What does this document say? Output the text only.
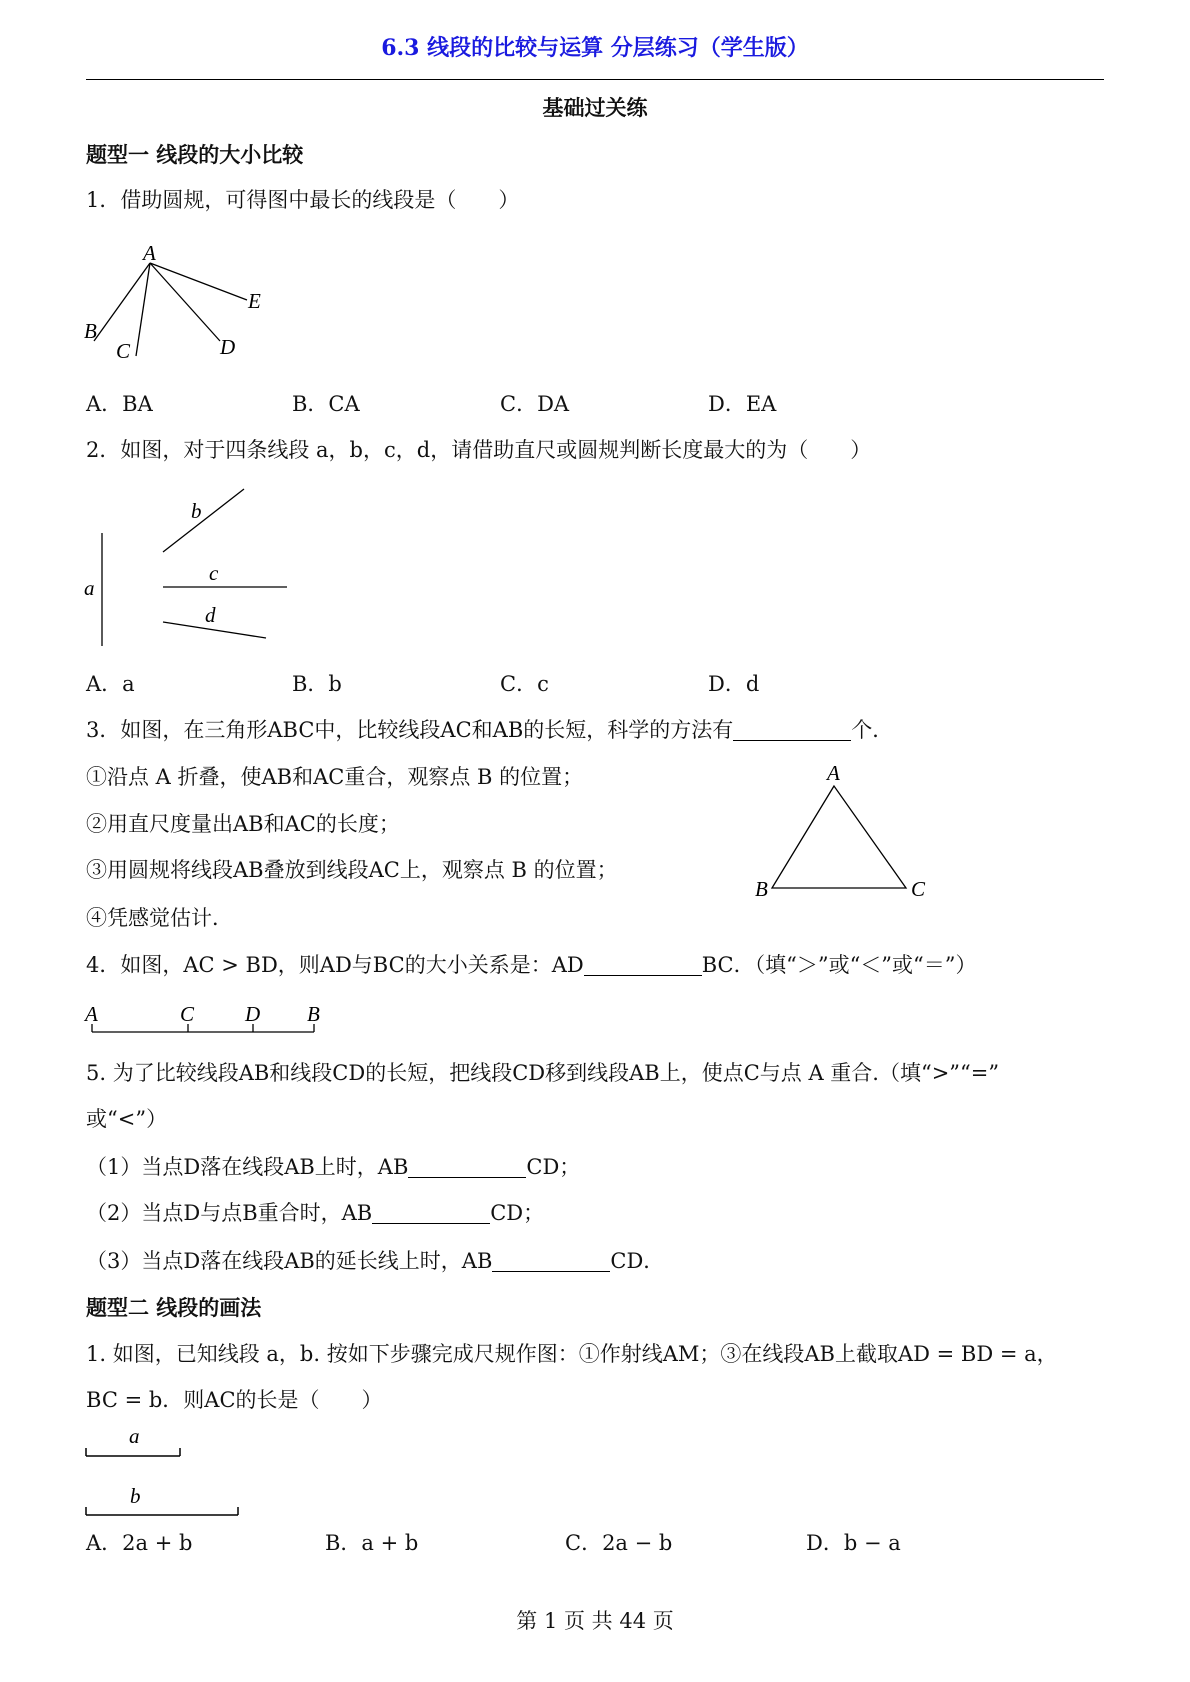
6.3 线段的比较与运算 分层练习（学生版）
基础过关练
题型一 线段的大小比较
1．借助圆规，可得图中最长的线段是（　　）
A
B
C	D
E
a
b
c
d
A
B	C
A	C D B
a
b
A．BA	B．CA	C．DA	D．EA
2．如图，对于四条线段 a，b，c，d，请借助直尺或圆规判断长度最大的为（　　）
A．a	B．b	C．c	D．d
3．如图，在三角形ABC中，比较线段AC和AB的长短，科学的方法有	个．
①沿点 A 折叠，使AB和AC重合，观察点 B 的位置；
②用直尺度量出AB和AC的长度；
③用圆规将线段AB叠放到线段AC上，观察点 B 的位置；
④凭感觉估计．
4．如图，AC > BD，则AD与BC的大小关系是：AD	BC．（填“＞”或“＜”或“＝”）
5. 为了比较线段AB和线段CD的长短，把线段CD移到线段AB上，使点C与点 A 重合.（填“>”“=”
或“<”）
（1）当点D落在线段AB上时，AB	CD；
（2）当点D与点B重合时，AB	CD；
（3）当点D落在线段AB的延长线上时，AB	CD．
题型二 线段的画法
1. 如图，已知线段 a，b. 按如下步骤完成尺规作图：①作射线AM；③在线段AB上截取AD = BD = a，
BC = b．则AC的长是（　　）
A．2a + b	B．a + b	C．2a − b	D．b − a
第 1 页 共 44 页
